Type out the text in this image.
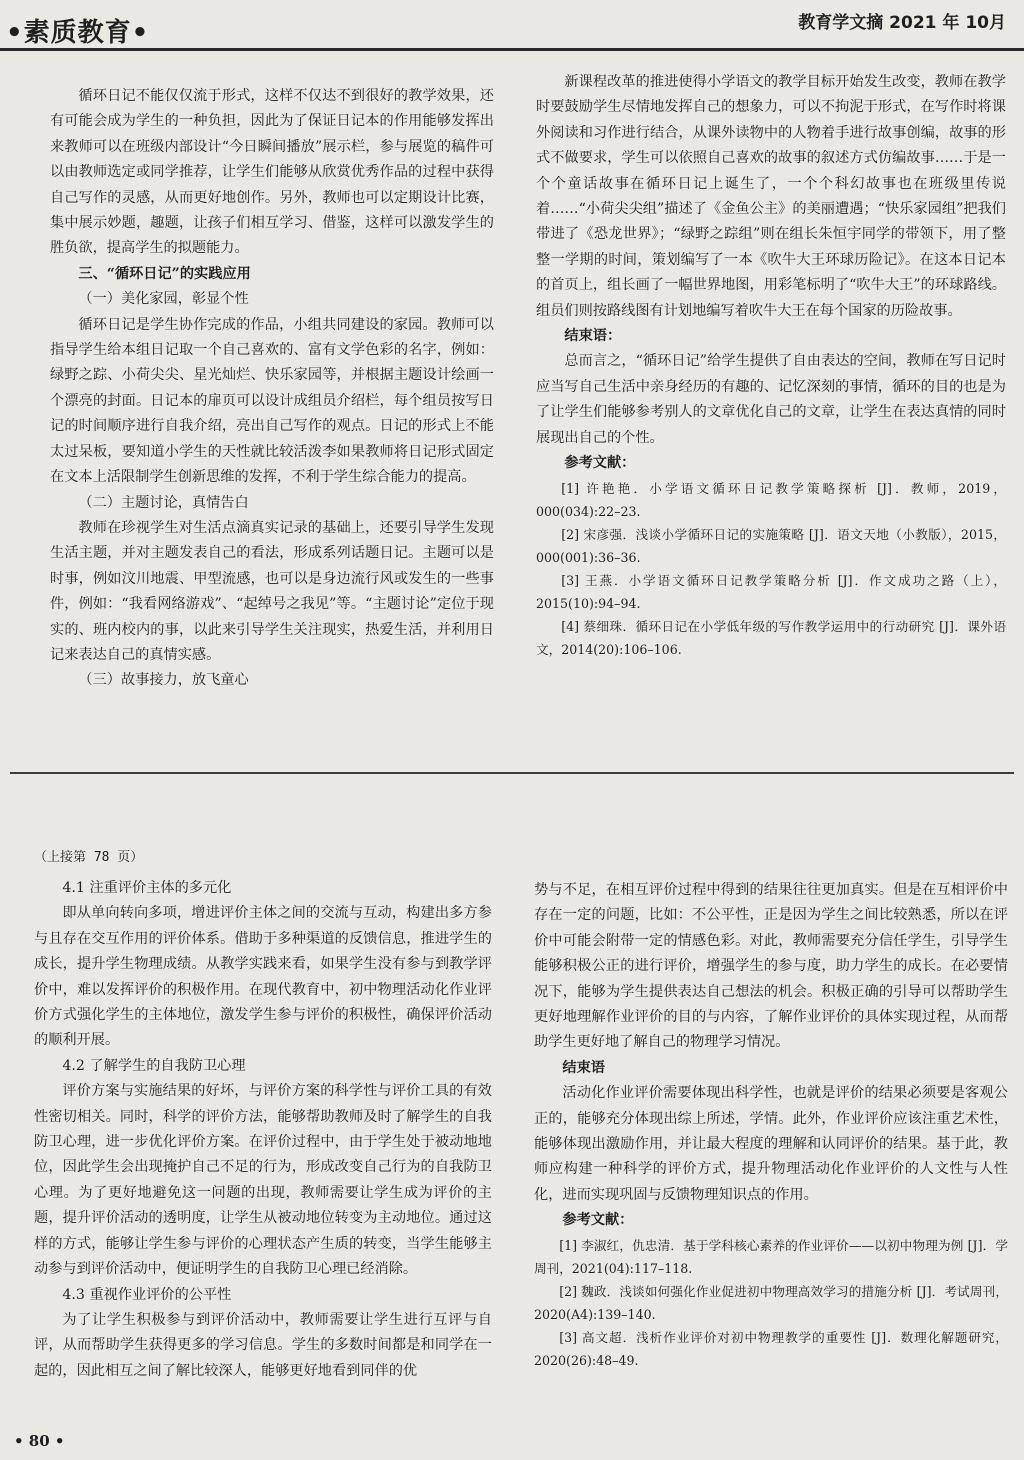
•素质教育•	教育学文摘 2021 年 10月

循环日记不能仅仅流于形式，这样不仅达不到很好的教学效果，还有可能会成为学生的一种负担，因此为了保证日记本的作用能够发挥出来教师可以在班级内部设计“今日瞬间播放”展示栏，参与展览的稿件可以由教师选定或同学推荐，让学生们能够从欣赏优秀作品的过程中获得自己写作的灵感，从而更好地创作。另外，教师也可以定期设计比赛，集中展示妙题，趣题，让孩子们相互学习、借鉴，这样可以激发学生的胜负欲，提高学生的拟题能力。

三、“循环日记”的实践应用

（一）美化家园，彰显个性

循环日记是学生协作完成的作品，小组共同建设的家园。教师可以指导学生给本组日记取一个自己喜欢的、富有文学色彩的名字，例如：绿野之踪、小荷尖尖、星光灿烂、快乐家园等，并根据主题设计绘画一个漂亮的封面。日记本的扉页可以设计成组员介绍栏，每个组员按写日记的时间顺序进行自我介绍，亮出自己写作的观点。日记的形式上不能太过呆板，要知道小学生的天性就比较活泼李如果教师将日记形式固定在文本上活限制学生创新思维的发挥，不利于学生综合能力的提高。

（二）主题讨论，真情告白

教师在珍视学生对生活点滴真实记录的基础上，还要引导学生发现生活主题，并对主题发表自己的看法，形成系列话题日记。主题可以是时事，例如汶川地震、甲型流感，也可以是身边流行风或发生的一些事件，例如：“我看网络游戏”、“起绰号之我见”等。“主题讨论”定位于现实的、班内校内的事，以此来引导学生关注现实，热爱生活，并利用日记来表达自己的真情实感。

（三）故事接力，放飞童心

新课程改革的推进使得小学语文的教学目标开始发生改变，教师在教学时要鼓励学生尽情地发挥自己的想象力，可以不拘泥于形式，在写作时将课外阅读和习作进行结合，从课外读物中的人物着手进行故事创编，故事的形式不做要求，学生可以依照自己喜欢的故事的叙述方式仿编故事……于是一个个童话故事在循环日记上诞生了，一个个科幻故事也在班级里传说着……“小荷尖尖组”描述了《金鱼公主》的美丽遭遇；“快乐家园组”把我们带进了《恐龙世界》；“绿野之踪组”则在组长朱恒宇同学的带领下，用了整整一学期的时间，策划编写了一本《吹牛大王环球历险记》。在这本日记本的首页上，组长画了一幅世界地图，用彩笔标明了“吹牛大王”的环球路线。组员们则按路线图有计划地编写着吹牛大王在每个国家的历险故事。

结束语：

总而言之，“循环日记”给学生提供了自由表达的空间，教师在写日记时应当写自己生活中亲身经历的有趣的、记忆深刻的事情，循环的目的也是为了让学生们能够参考别人的文章优化自己的文章，让学生在表达真情的同时展现出自己的个性。

参考文献：

[1] 许艳艳．小学语文循环日记教学策略探析 [J]．教师，2019，000(034):22–23.

[2] 宋彦强．浅谈小学循环日记的实施策略 [J]．语文天地（小教版），2015，000(001):36–36.

[3] 王燕．小学语文循环日记教学策略分析 [J]．作文成功之路（上），2015(10):94–94.

[4] 蔡细珠．循环日记在小学低年级的写作教学运用中的行动研究 [J]．课外语文，2014(20):106–106.

（上接第 78 页）

4.1 注重评价主体的多元化

即从单向转向多项，增进评价主体之间的交流与互动，构建出多方参与且存在交互作用的评价体系。借助于多种渠道的反馈信息，推进学生的成长，提升学生物理成绩。从教学实践来看，如果学生没有参与到教学评价中，难以发挥评价的积极作用。在现代教育中，初中物理活动化作业评价方式强化学生的主体地位，激发学生参与评价的积极性，确保评价活动的顺利开展。

4.2 了解学生的自我防卫心理

评价方案与实施结果的好坏，与评价方案的科学性与评价工具的有效性密切相关。同时，科学的评价方法，能够帮助教师及时了解学生的自我防卫心理，进一步优化评价方案。在评价过程中，由于学生处于被动地地位，因此学生会出现掩护自己不足的行为，形成改变自己行为的自我防卫心理。为了更好地避免这一问题的出现，教师需要让学生成为评价的主题，提升评价活动的透明度，让学生从被动地位转变为主动地位。通过这样的方式，能够让学生参与评价的心理状态产生质的转变，当学生能够主动参与到评价活动中，便证明学生的自我防卫心理已经消除。

4.3 重视作业评价的公平性

为了让学生积极参与到评价活动中，教师需要让学生进行互评与自评，从而帮助学生获得更多的学习信息。学生的多数时间都是和同学在一起的，因此相互之间了解比较深人，能够更好地看到同伴的优

势与不足，在相互评价过程中得到的结果往往更加真实。但是在互相评价中存在一定的问题，比如：不公平性，正是因为学生之间比较熟悉，所以在评价中可能会附带一定的情感色彩。对此，教师需要充分信任学生，引导学生能够积极公正的进行评价，增强学生的参与度，助力学生的成长。在必要情况下，能够为学生提供表达自己想法的机会。积极正确的引导可以帮助学生更好地理解作业评价的目的与内容，了解作业评价的具体实现过程，从而帮助学生更好地了解自己的物理学习情况。

结束语

活动化作业评价需要体现出科学性，也就是评价的结果必须要是客观公正的，能够充分体现出综上所述，学情。此外，作业评价应该注重艺术性，能够体现出激励作用，并让最大程度的理解和认同评价的结果。基于此，教师应构建一种科学的评价方式，提升物理活动化作业评价的人文性与人性化，进而实现巩固与反馈物理知识点的作用。

参考文献：

[1] 李淑红，仇忠清．基于学科核心素养的作业评价——以初中物理为例 [J]．学周刊，2021(04):117–118.

[2] 魏政．浅谈如何强化作业促进初中物理高效学习的措施分析 [J]．考试周刊，2020(A4):139–140.

[3] 高文超．浅析作业评价对初中物理教学的重要性 [J]．数理化解题研究，2020(26):48–49.

• 80 •
